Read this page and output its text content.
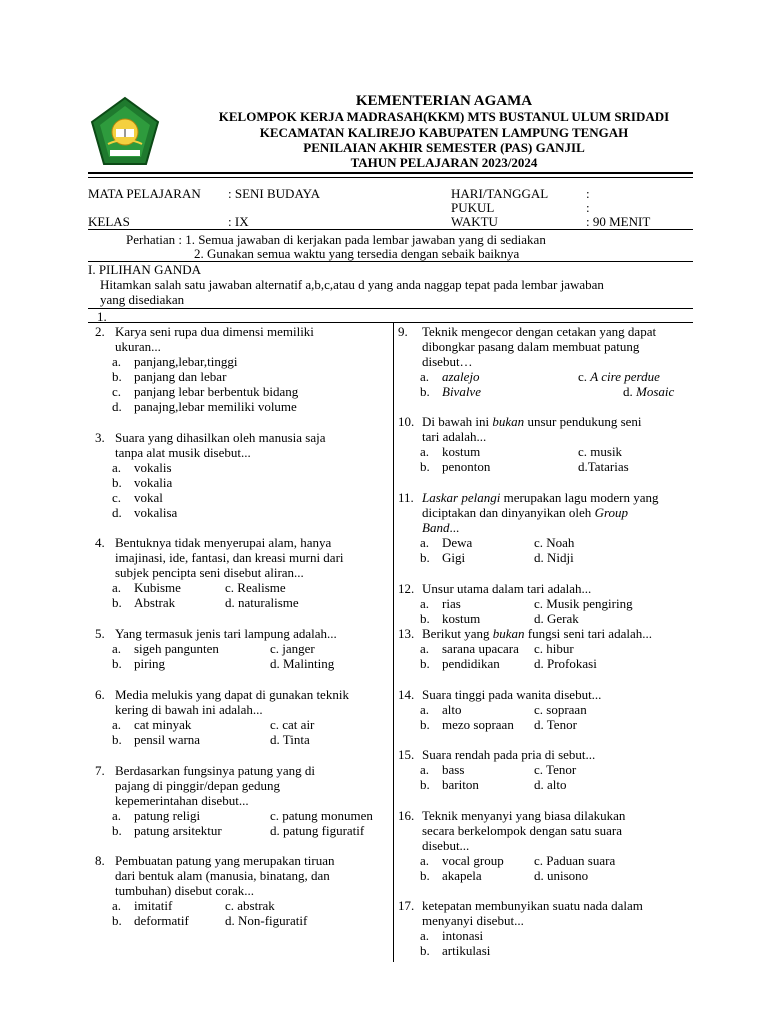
KEMENTERIAN AGAMA
KELOMPOK KERJA MADRASAH(KKM) MTS BUSTANUL ULUM SRIDADI
KECAMATAN KALIREJO KABUPATEN LAMPUNG TENGAH
PENILAIAN AKHIR SEMESTER (PAS) GANJIL
TAHUN PELAJARAN 2023/2024
MATA PELAJARAN : SENI BUDAYA	HARI/TANGGAL	:
PUKUL	:
KELAS	: IX	WAKTU	: 90 MENIT
Perhatian : 1. Semua jawaban di kerjakan pada lembar jawaban yang di sediakan
2. Gunakan semua waktu yang tersedia dengan sebaik baiknya
I. PILIHAN GANDA
Hitamkan salah satu jawaban alternatif a,b,c,atau d yang anda naggap tepat pada lembar jawaban
yang disediakan
1.
2. Karya seni rupa dua dimensi memiliki
ukuran...
a. panjang,lebar,tinggi
b. panjang dan lebar
c. panjang lebar berbentuk bidang
d. panajng,lebar memiliki volume
3. Suara yang dihasilkan oleh manusia saja
tanpa alat musik disebut...
a. vokalis
b. vokalia
c. vokal
d. vokalisa
4. Bentuknya tidak menyerupai alam, hanya
imajinasi, ide, fantasi, dan kreasi murni dari
subjek pencipta seni disebut aliran...
a. Kubisme	c. Realisme
b. Abstrak	d. naturalisme
5. Yang termasuk jenis tari lampung adalah...
a. sigeh pangunten	c. janger
b. piring	d. Malinting
6. Media melukis yang dapat di gunakan teknik
kering di bawah ini adalah...
a. cat minyak	c. cat air
b. pensil warna	d. Tinta
7. Berdasarkan fungsinya patung yang di
pajang di pinggir/depan gedung
kepemerintahan disebut...
a. patung religi	c. patung monumen
b. patung arsitektur	d. patung figuratif
8. Pembuatan patung yang merupakan tiruan
dari bentuk alam (manusia, binatang, dan
tumbuhan) disebut corak...
a. imitatif	c. abstrak
b. deformatif	d. Non-figuratif
9. Teknik mengecor dengan cetakan yang dapat
dibongkar pasang dalam membuat patung
disebut…
a. azalejo	c. A cire perdue
b. Bivalve	d. Mosaic
10. Di bawah ini bukan unsur pendukung seni
tari adalah...
a. kostum	c. musik
b. penonton	d.Tatarias
11. Laskar pelangi merupakan lagu modern yang
diciptakan dan dinyanyikan oleh Group
Band...
a. Dewa	c. Noah
b. Gigi	d. Nidji
12. Unsur utama dalam tari adalah...
a. rias	c. Musik pengiring
b. kostum	d. Gerak
13. Berikut yang bukan fungsi seni tari adalah...
a. sarana upacara c. hibur
b. pendidikan	d. Profokasi
14. Suara tinggi pada wanita disebut...
a. alto	c. sopraan
b. mezo sopraan d. Tenor
15. Suara rendah pada pria di sebut...
a. bass	c. Tenor
b. bariton	d. alto
16. Teknik menyanyi yang biasa dilakukan
secara berkelompok dengan satu suara
disebut...
a. vocal group c. Paduan suara
b. akapela	d. unisono
17. ketepatan membunyikan suatu nada dalam
menyanyi disebut...
a. intonasi
b. artikulasi
